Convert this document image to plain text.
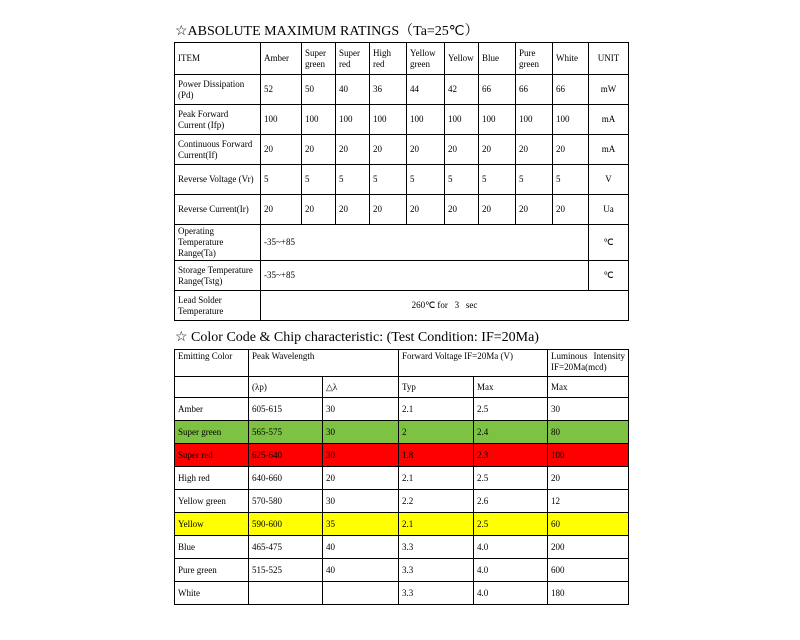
☆ABSOLUTE MAXIMUM RATINGS（Ta=25℃）
ITEM	Amber	Super green	Super red	High red	Yellow green	Yellow	Blue	Pure green	White	UNIT
Power Dissipation (Pd)	52	50	40	36	44	42	66	66	66	mW
Peak Forward Current (Ifp)	100	100	100	100	100	100	100	100	100	mA
Continuous Forward Current(If)	20	20	20	20	20	20	20	20	20	mA
Reverse Voltage (Vr)	5	5	5	5	5	5	5	5	5	V
Reverse Current(Ir)	20	20	20	20	20	20	20	20	20	Ua
Operating Temperature Range(Ta)	-35~+85									℃
Storage Temperature Range(Tstg)	-35~+85									℃
Lead Solder Temperature	260℃ for   3   sec									
☆ Color Code & Chip characteristic: (Test Condition: IF=20Ma)
Emitting Color	Peak Wavelength		Forward Voltage IF=20Ma (V)		Luminous Intensity IF=20Ma(mcd)
	(λp)	△λ	Typ	Max	Max
Amber	605-615	30	2.1	2.5	30
Super green	565-575	30	2	2.4	80
Super red	625-640	30	1.8	2.3	100
High red	640-660	20	2.1	2.5	20
Yellow green	570-580	30	2.2	2.6	12
Yellow	590-600	35	2.1	2.5	60
Blue	465-475	40	3.3	4.0	200
Pure green	515-525	40	3.3	4.0	600
White			3.3	4.0	180
